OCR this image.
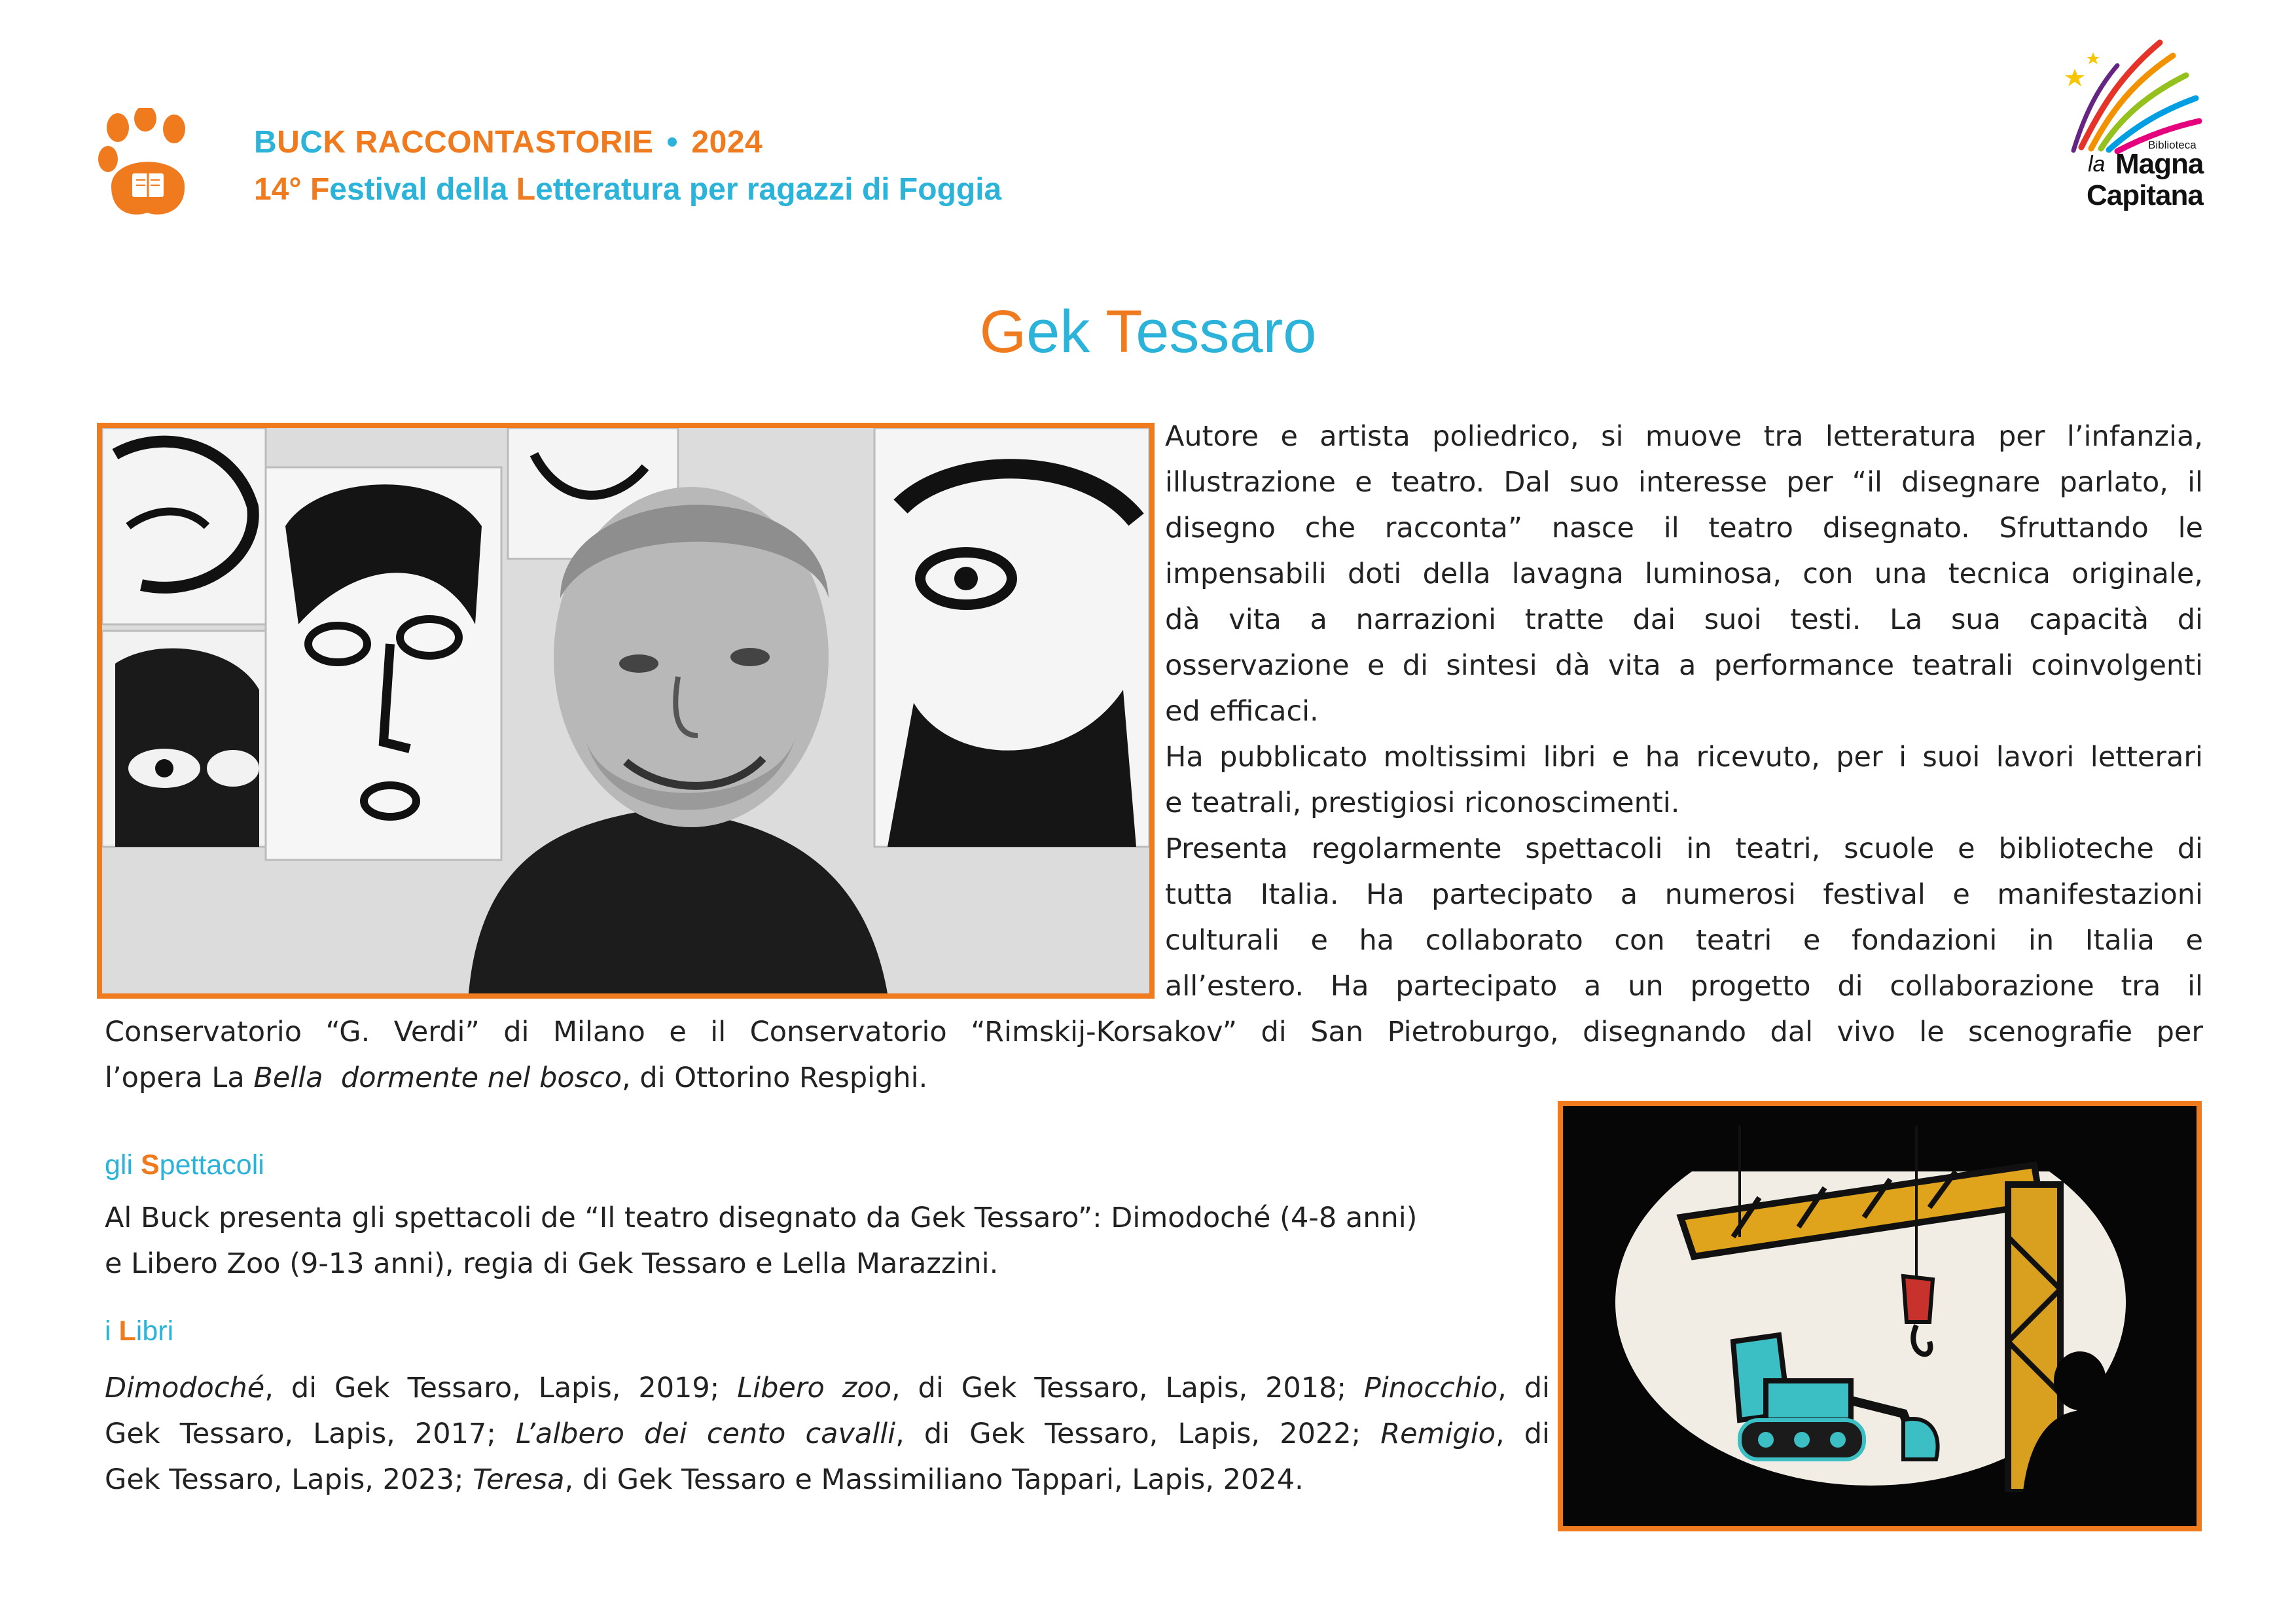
BUCK RACCONTASTORIE 2024
14° Festival della Letteratura per ragazzi di Foggia
Biblioteca
la Magna
Capitana
Gek Tessaro
Autore e artista poliedrico, si muove tra letteratura per l’infanzia,
illustrazione e teatro. Dal suo interesse per “il disegnare parlato, il
disegno che racconta” nasce il teatro disegnato. Sfruttando le
impensabili doti della lavagna luminosa, con una tecnica originale,
dà vita a narrazioni tratte dai suoi testi. La sua capacità di
osservazione e di sintesi dà vita a performance teatrali coinvolgenti
ed efficaci.
Ha pubblicato moltissimi libri e ha ricevuto, per i suoi lavori letterari
e teatrali, prestigiosi riconoscimenti.
Presenta regolarmente spettacoli in teatri, scuole e biblioteche di
tutta Italia. Ha partecipato a numerosi festival e manifestazioni
culturali e ha collaborato con teatri e fondazioni in Italia e
all’estero. Ha partecipato a un progetto di collaborazione tra il
Conservatorio “G. Verdi” di Milano e il Conservatorio “Rimskij-Korsakov” di San Pietroburgo, disegnando dal vivo le scenografie per
l’opera La Bella  dormente nel bosco, di Ottorino Respighi.
gli Spettacoli
Al Buck presenta gli spettacoli de “Il teatro disegnato da Gek Tessaro”: Dimodoché (4-8 anni)
e Libero Zoo (9-13 anni), regia di Gek Tessaro e Lella Marazzini.
i Libri
Dimodoché, di Gek Tessaro, Lapis, 2019; Libero zoo, di Gek Tessaro, Lapis, 2018; Pinocchio, di
Gek Tessaro, Lapis, 2017; L’albero dei cento cavalli, di Gek Tessaro, Lapis, 2022; Remigio, di
Gek Tessaro, Lapis, 2023; Teresa, di Gek Tessaro e Massimiliano Tappari, Lapis, 2024.
